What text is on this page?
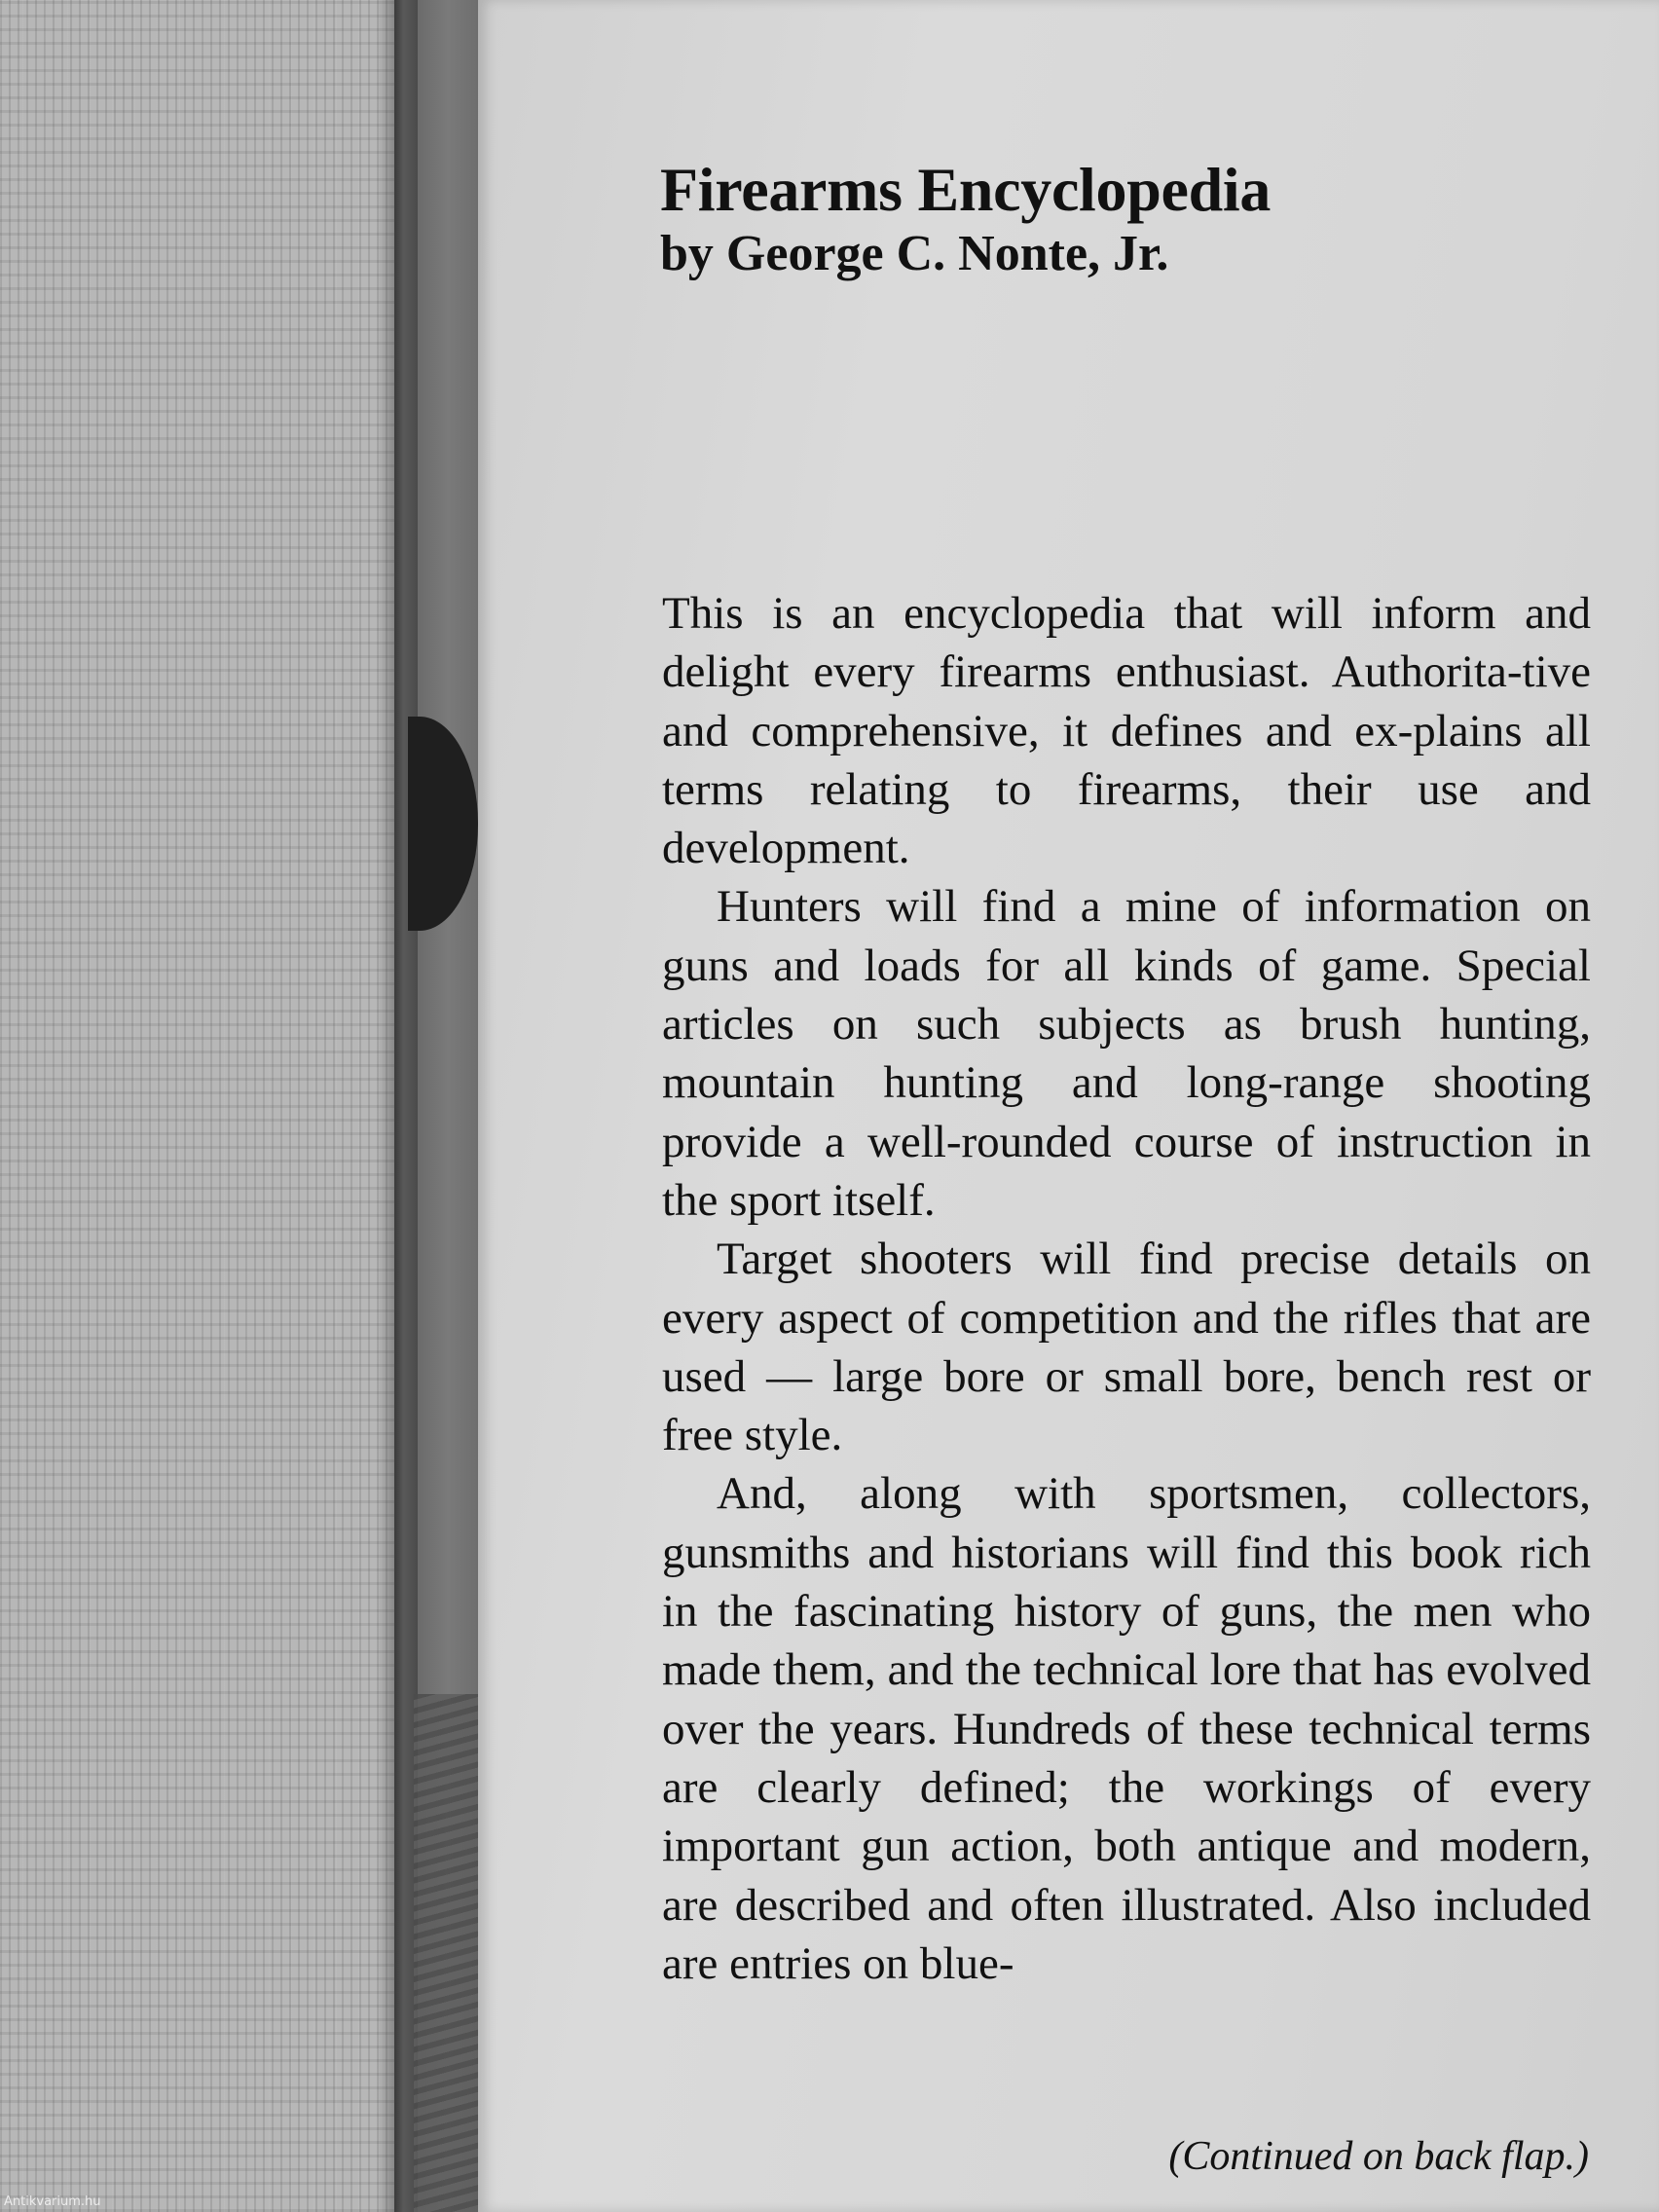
Firearms Encyclopedia
by George C. Nonte, Jr.

This is an encyclopedia that will inform and delight every firearms enthusiast. Authorita-tive and comprehensive, it defines and ex-plains all terms relating to firearms, their use and development.

Hunters will find a mine of information on guns and loads for all kinds of game. Special articles on such subjects as brush hunting, mountain hunting and long-range shooting provide a well-rounded course of instruction in the sport itself.

Target shooters will find precise details on every aspect of competition and the rifles that are used — large bore or small bore, bench rest or free style.

And, along with sportsmen, collectors, gunsmiths and historians will find this book rich in the fascinating history of guns, the men who made them, and the technical lore that has evolved over the years. Hundreds of these technical terms are clearly defined; the workings of every important gun action, both antique and modern, are described and often illustrated. Also included are entries on blue-

(Continued on back flap.)
Antikvarium.hu
